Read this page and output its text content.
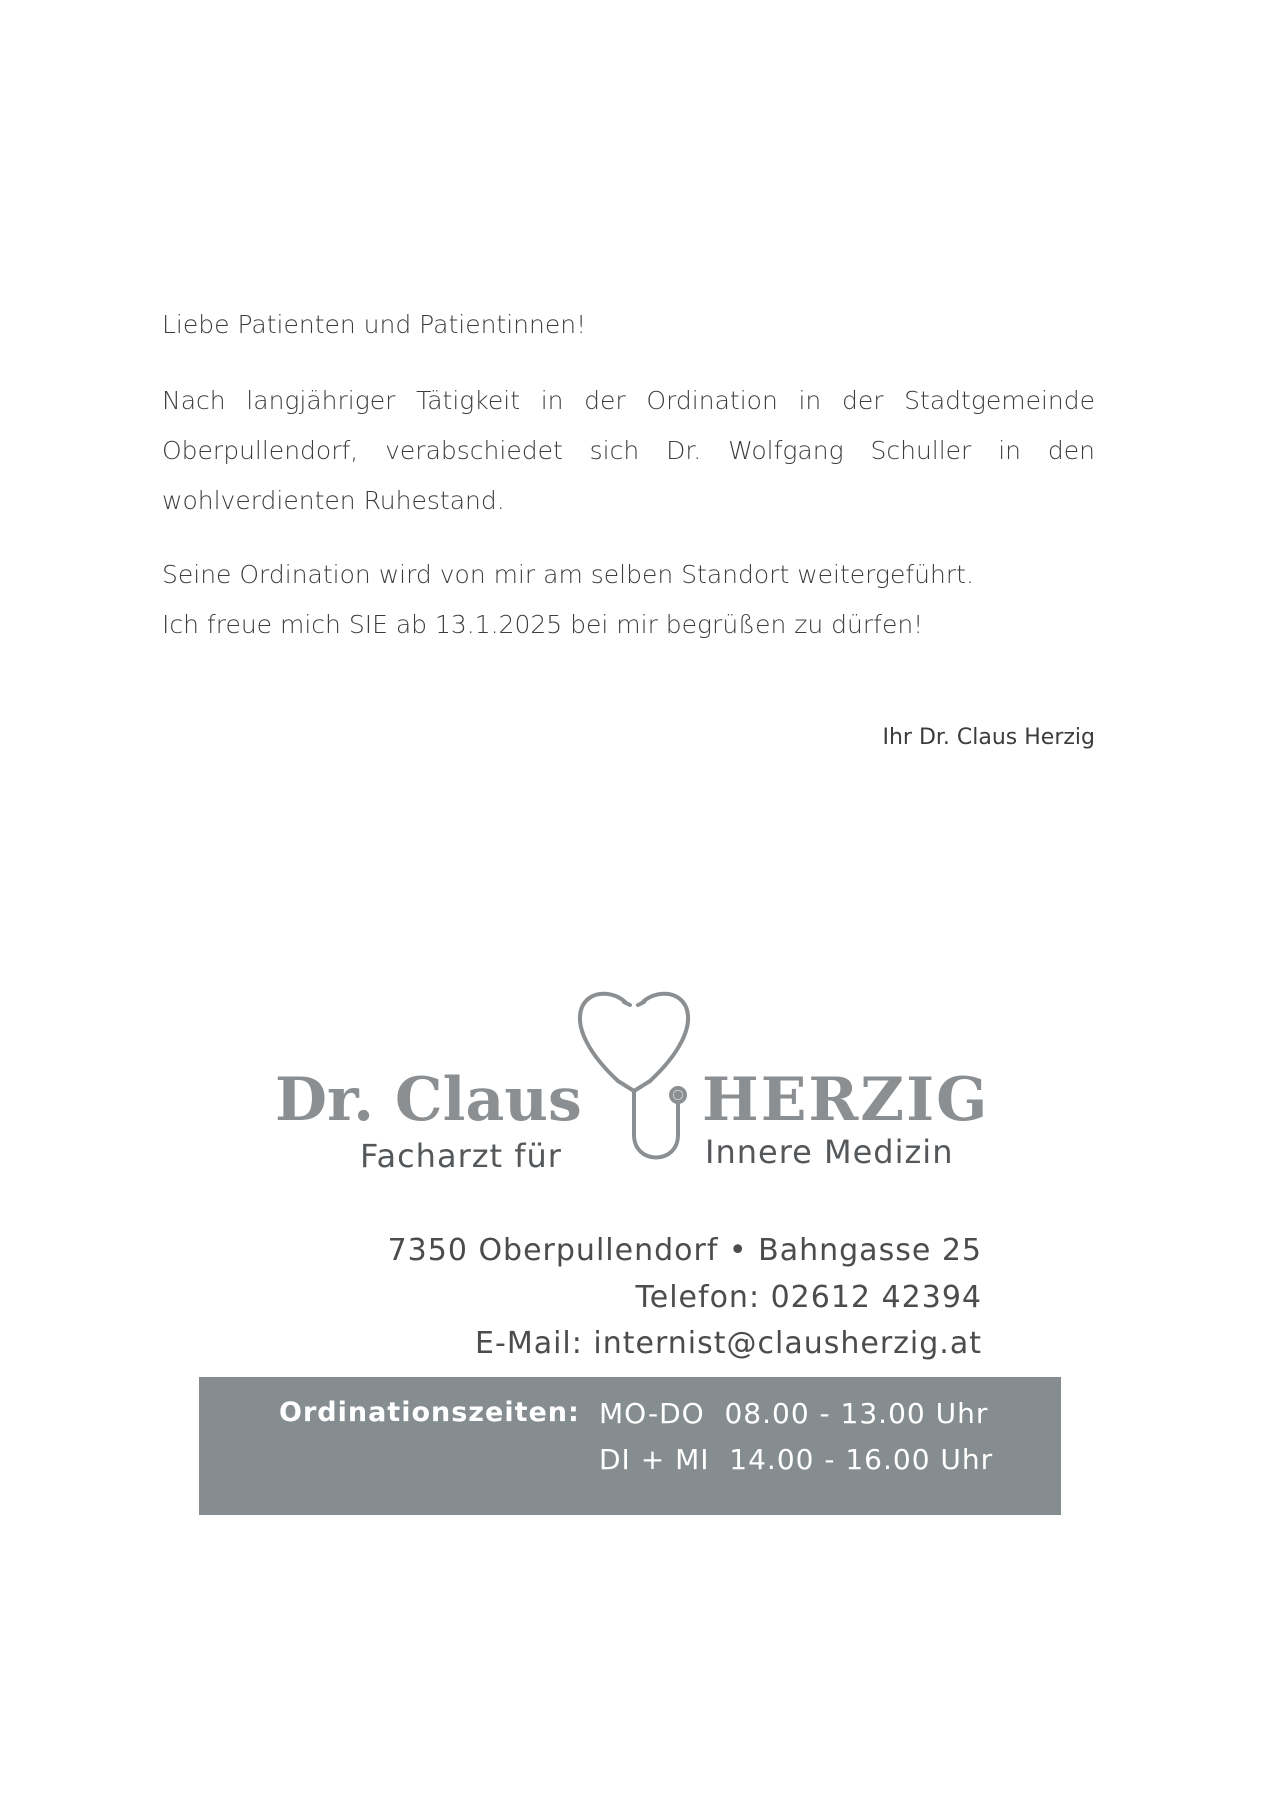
Liebe Patienten und Patientinnen!

Nach langjähriger Tätigkeit in der Ordination in der Stadtgemeinde Oberpullendorf, verabschiedet sich Dr. Wolfgang Schuller in den wohlverdienten Ruhestand.

Seine Ordination wird von mir am selben Standort weitergeführt.

Ich freue mich SIE ab 13.1.2025 bei mir begrüßen zu dürfen!

Ihr Dr. Claus Herzig
Dr. Claus HERZIG
Facharzt für	Innere Medizin
7350 Oberpullendorf • Bahngasse 25
Telefon: 02612 42394
E-Mail: internist@clausherzig.at
Ordinationszeiten: MO-DO  08.00 - 13.00 Uhr
DI + MI  14.00 - 16.00 Uhr
